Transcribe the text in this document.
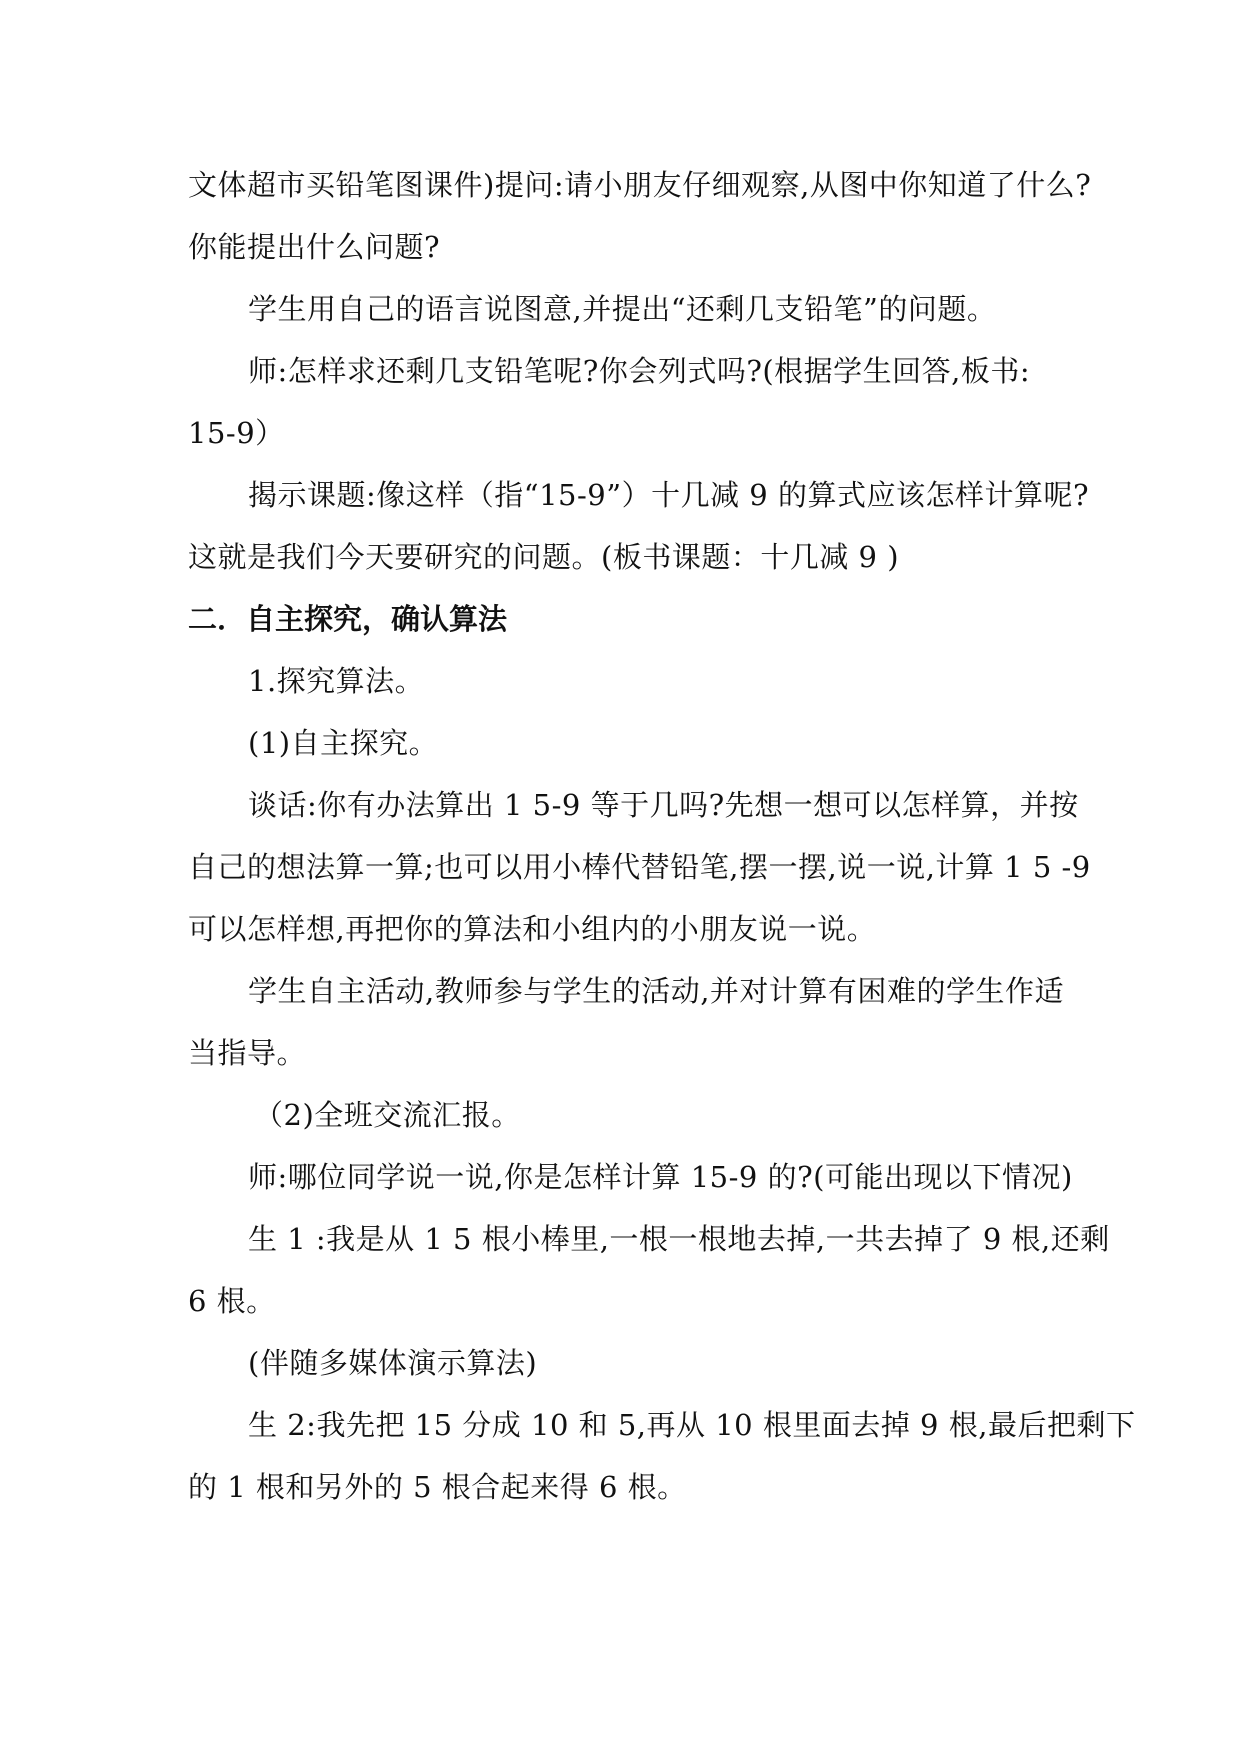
文体超市买铅笔图课件)提问:请小朋友仔细观察,从图中你知道了什么?

你能提出什么问题?

学生用自己的语言说图意,并提出“还剩几支铅笔”的问题。

师:怎样求还剩几支铅笔呢?你会列式吗?(根据学生回答,板书:

15-9）

揭示课题:像这样（指“15-9”）十几减 9 的算式应该怎样计算呢?

这就是我们今天要研究的问题。(板书课题：十几减 9 )

二．自主探究，确认算法

1.探究算法。

(1)自主探究。

谈话:你有办法算出 1 5-9 等于几吗?先想一想可以怎样算，并按

自己的想法算一算;也可以用小棒代替铅笔,摆一摆,说一说,计算 1 5 -9

可以怎样想,再把你的算法和小组内的小朋友说一说。

学生自主活动,教师参与学生的活动,并对计算有困难的学生作适

当指导。

（2)全班交流汇报。

师:哪位同学说一说,你是怎样计算 15-9 的?(可能出现以下情况)

生 1 :我是从 1 5 根小棒里,一根一根地去掉,一共去掉了 9 根,还剩

6 根。

(伴随多媒体演示算法)

生 2:我先把 15 分成 10 和 5,再从 10 根里面去掉 9 根,最后把剩下

的 1 根和另外的 5 根合起来得 6 根。
